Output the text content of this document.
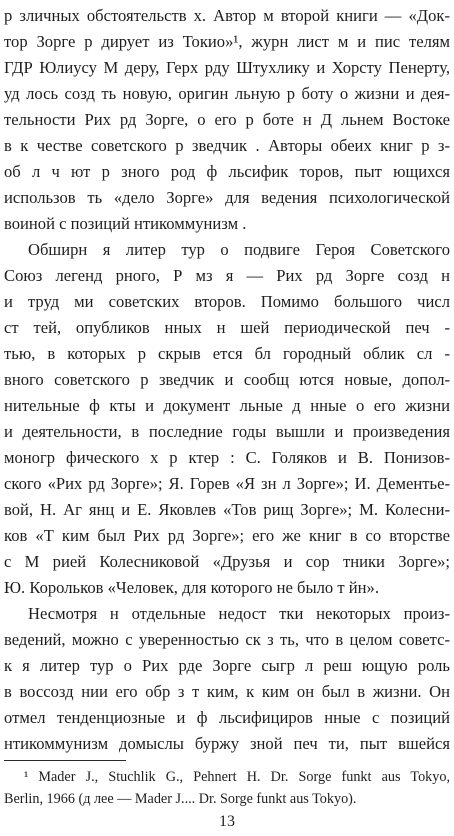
р зличных обстоятельств х. Автор м второй книги — «Док-
тор Зорге р дирует из Токио»¹, журн лист м и пис телям
ГДР Юлиусу М деру, Герх рду Штухлику и Хорсту Пенерту,
уд лось созд ть новую, оригин льную р боту о жизни и дея-
тельности Рих рд Зорге, о его р боте н Д льнем Востоке
в к честве советского р зведчик . Авторы обеих книг р з-
об л ч ют р зного род ф льсифик торов, пыт ющихся
использов ть «дело Зорге» для ведения психологической
воиной с позиций нтикоммунизм .
Обширн я литер тур о подвиге Героя Советского
Союз легенд рного, Р мз я — Рих рд Зорге созд н
и труд ми советских второв. Помимо большого числ
ст тей, опубликов нных н шей периодической печ -
тью, в которых р скрыв ется бл городный облик сл -
вного советского р зведчик и сообщ ются новые, допол-
нительные ф кты и документ льные д нные о его жизни
и деятельности, в последние годы вышли и произведения
моногр фического х р ктер : С. Голяков и В. Понизов-
ского «Рих рд Зорге»; Я. Горев «Я зн л Зорге»; И. Дементье-
вой, Н. Аг янц и Е. Яковлев «Тов рищ Зорге»; М. Колесни-
ков «Т ким был Рих рд Зорге»; его же книг в со вторстве
с М рией Колесниковой «Друзья и сор тники Зорге»;
Ю. Корольков «Человек, для которого не было т йн».
Несмотря н отдельные недост тки некоторых произ-
ведений, можно с уверенностью ск з ть, что в целом советс-
к я литер тур о Рих рде Зорге сыгр л реш ющую роль
в воссозд нии его обр з т ким, к ким он был в жизни. Он
отмел тенденциозные и ф льсифициров нные с позиций
нтикоммунизм домыслы буржу зной печ ти, пыт вшейся
¹ Mader J., Stuchlik G., Pehnert H. Dr. Sorge funkt aus Tokyo,
Berlin, 1966 (д лее — Mader J.... Dr. Sorge funkt aus Tokyo).
13
